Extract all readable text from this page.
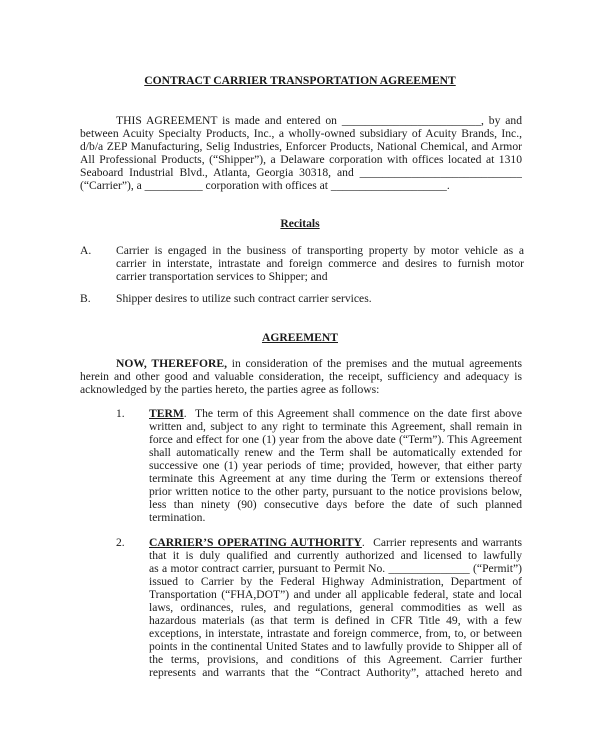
CONTRACT CARRIER TRANSPORTATION AGREEMENT
Recitals
AGREEMENT
THIS AGREEMENT is made and entered on ________________________, by and
between Acuity Specialty Products, Inc., a wholly-owned subsidiary of Acuity Brands, Inc.,
d/b/a ZEP Manufacturing, Selig Industries, Enforcer Products, National Chemical, and Armor
All Professional Products, (“Shipper”), a Delaware corporation with offices located at 1310
Seaboard Industrial Blvd., Atlanta, Georgia 30318, and ____________________________
(“Carrier”), a __________ corporation with offices at ____________________.
A. Carrier is engaged in the business of transporting property by motor vehicle as a
carrier in interstate, intrastate and foreign commerce and desires to furnish motor
carrier transportation services to Shipper; and
B. Shipper desires to utilize such contract carrier services.
NOW, THEREFORE, in consideration of the premises and the mutual agreements
herein and other good and valuable consideration, the receipt, sufficiency and adequacy is
acknowledged by the parties hereto, the parties agree as follows:
1. TERM.  The term of this Agreement shall commence on the date first above
written and, subject to any right to terminate this Agreement, shall remain in
force and effect for one (1) year from the above date (“Term”). This Agreement
shall automatically renew and the Term shall be automatically extended for
successive one (1) year periods of time; provided, however, that either party
terminate this Agreement at any time during the Term or extensions thereof
prior written notice to the other party, pursuant to the notice provisions below,
less than ninety (90) consecutive days before the date of such planned
termination.
2. CARRIER’S OPERATING AUTHORITY.  Carrier represents and warrants
that it is duly qualified and currently authorized and licensed to lawfully
as a motor contract carrier, pursuant to Permit No. ______________ (“Permit”)
issued to Carrier by the Federal Highway Administration, Department of
Transportation (“FHA,DOT”) and under all applicable federal, state and local
laws, ordinances, rules, and regulations, general commodities as well as
hazardous materials (as that term is defined in CFR Title 49, with a few
exceptions, in interstate, intrastate and foreign commerce, from, to, or between
points in the continental United States and to lawfully provide to Shipper all of
the terms, provisions, and conditions of this Agreement. Carrier further
represents and warrants that the “Contract Authority”, attached hereto and
